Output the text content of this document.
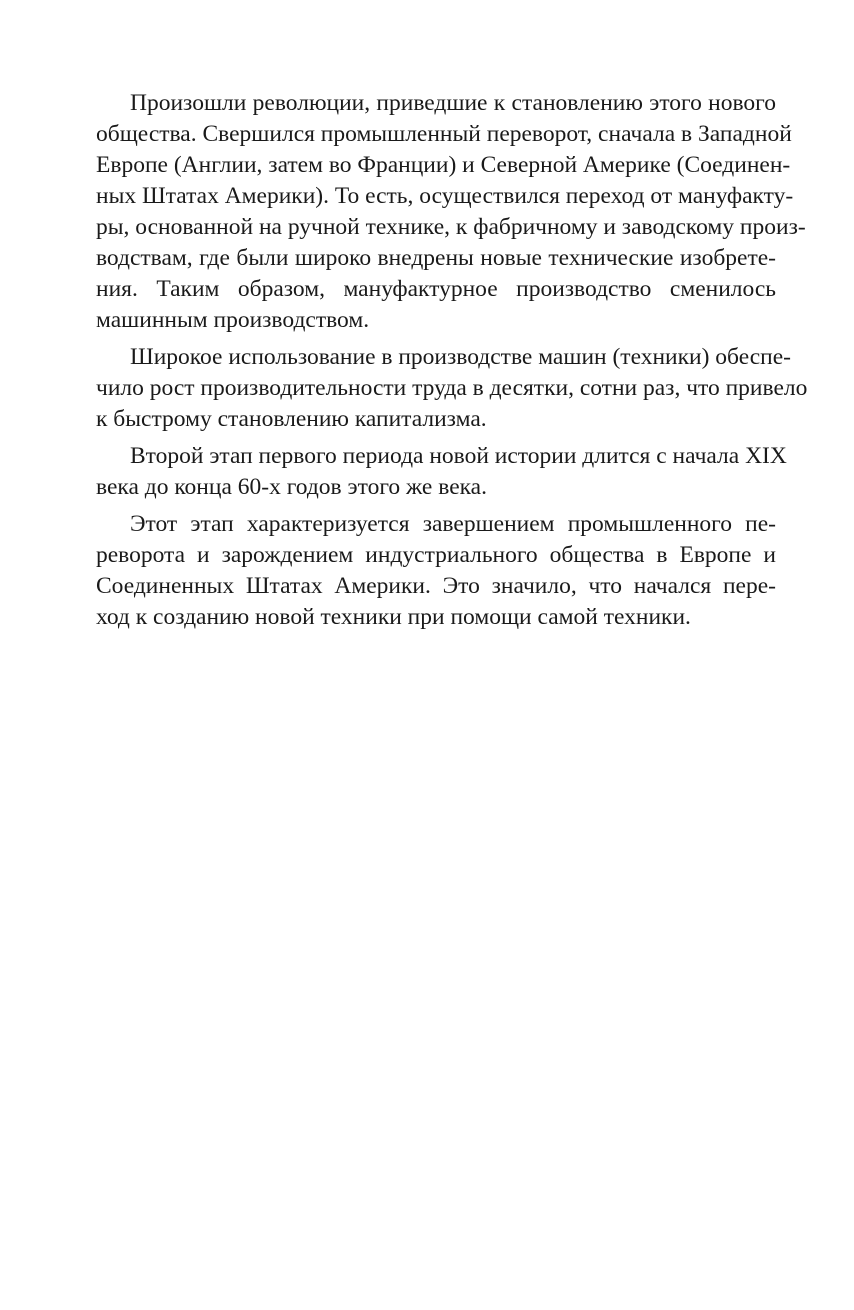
Произошли революции, приведшие к становлению этого нового
общества. Свершился промышленный переворот, сначала в Западной
Европе (Англии, затем во Франции) и Северной Америке (Соединен-
ных Штатах Америки). То есть, осуществился переход от мануфакту-
ры, основанной на ручной технике, к фабричному и заводскому произ-
водствам, где были широко внедрены новые технические изобрете-
ния. Таким образом, мануфактурное производство сменилось
машинным производством.
Широкое использование в производстве машин (техники) обеспе-
чило рост производительности труда в десятки, сотни раз, что привело
к быстрому становлению капитализма.
Второй этап первого периода новой истории длится с начала XIX
века до конца 60-х годов этого же века.
Этот этап характеризуется завершением промышленного пе-
реворота и зарождением индустриального общества в Европе и
Соединенных Штатах Америки. Это значило, что начался пере-
ход к созданию новой техники при помощи самой техники.
